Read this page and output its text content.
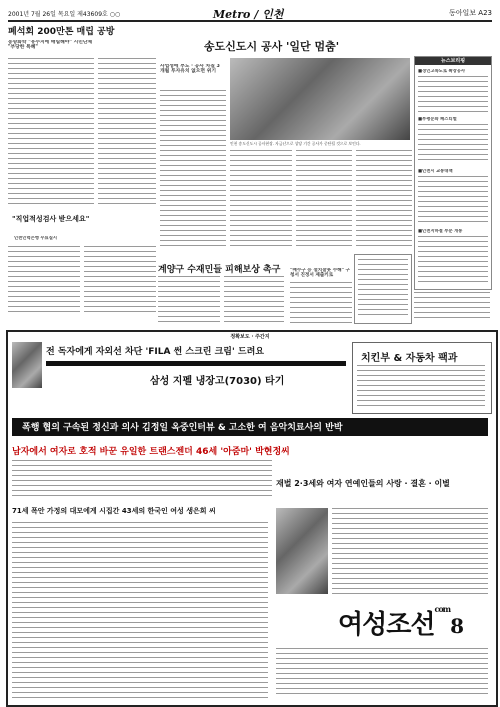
2001년 7월 26일 목요일 제43609호 ○○	Metro / 인천	동아일보 A23
폐석회 200만톤 매립 공방
동양화학 "유수지에 매립해야" 시민단체 "부당한 특혜"
"직업적성검사 받으세요"
인천인력은행 무료실시
송도신도시 공사 '일단 멈춤'
사업성에 부도 · 공사 차질 3개월 투자유치 없으면 위기
인천 송도신도시 공사현장. 자금난으로 상당 기간 공사가 중단될 것으로 보인다.
뉴스브리핑
■경인고속도로 확장공사
■부평문화 페스티벌
■인천시 교통대책
■인천지하철 부분 개통
계양구 수재민들 피해보상 촉구	"배수구 등 설치잘못 수해" 구청서 진정서 제출키로
정확보도 · 주간지
전 독자에게 자외선 차단 'FILA 썬 스크린 크림' 드려요
삼성 지펠 냉장고(7030) 타기
치킨부 & 자동차 팩과
폭행 협의 구속된 정신과 의사 김정일 옥중인터뷰 & 고소한 여 음악치료사의 반박
남자에서 여자로 호적 바꾼 유일한 트랜스젠더 46세 '아줌마' 박현정씨
71세 폭안 가정의 대모에게 시집간 43세의 한국인 여성 생은희 씨
재벌 2·3세와 여자 연예인들의 사랑 · 결혼 · 이별
여성조선$^{com}$8
